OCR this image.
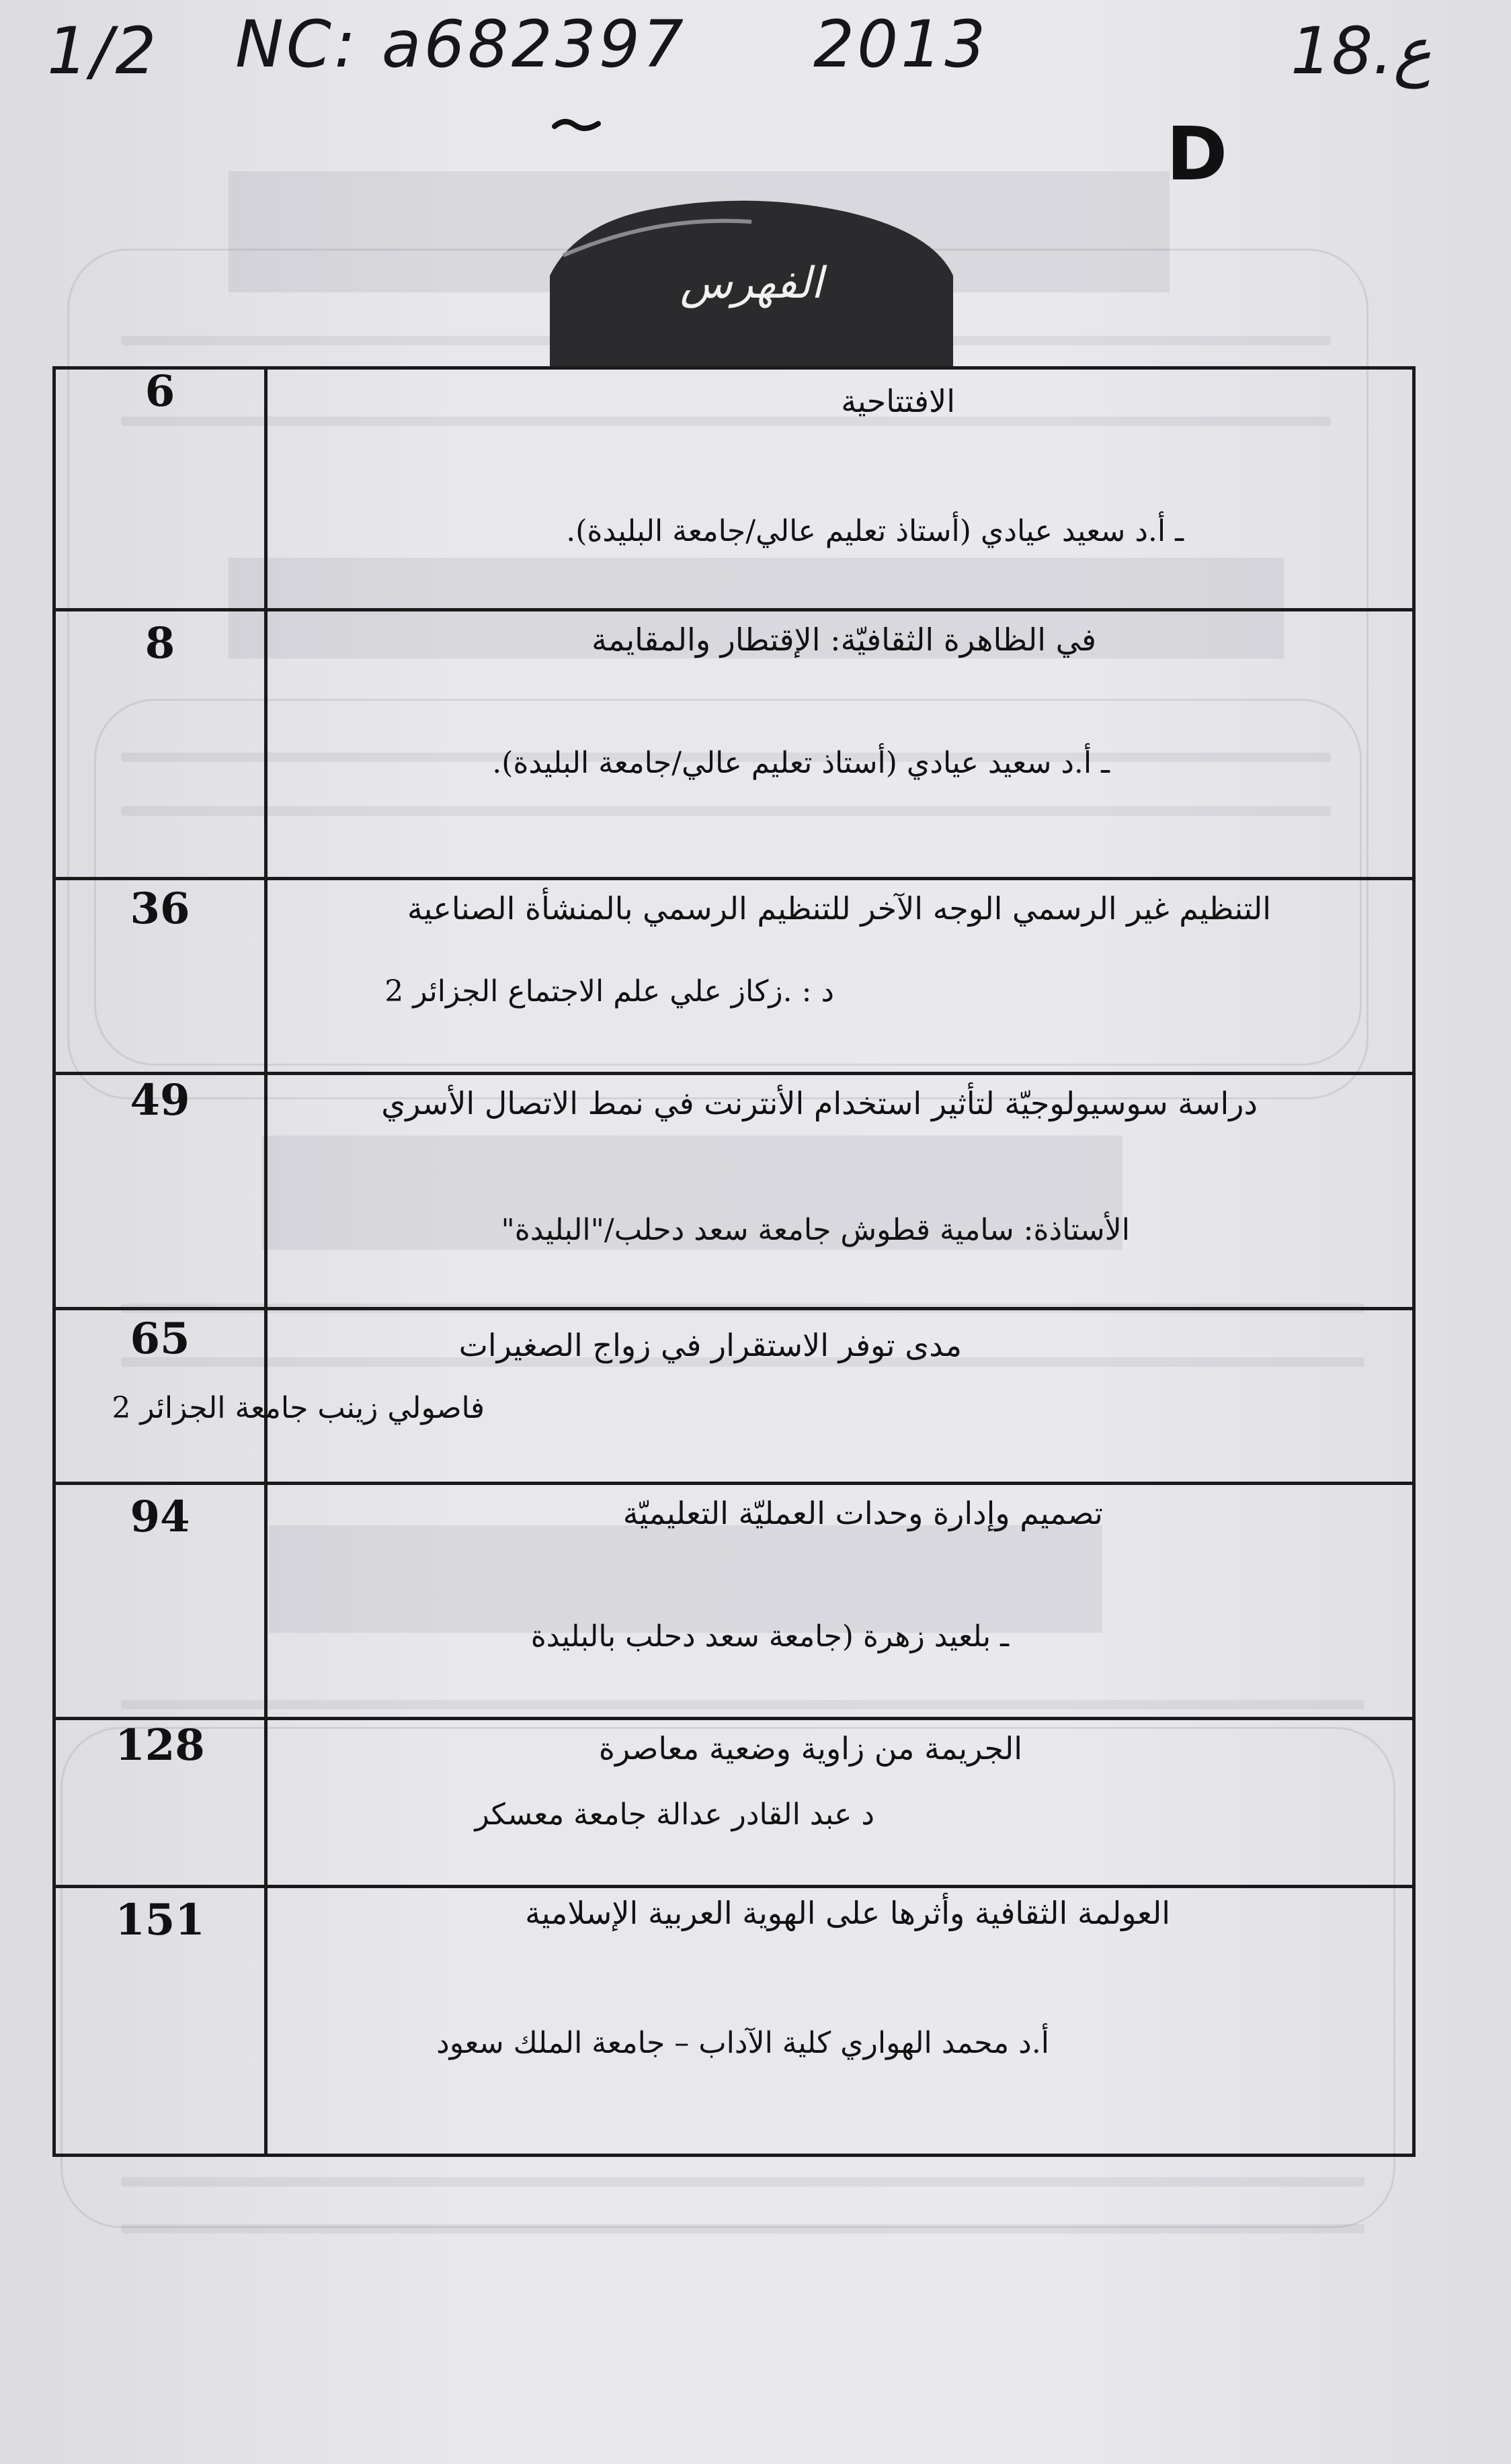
1/2 NC: a682397 2013	18.ع
D
الفهرس
6	الافتتاحية
ـ أ.د سعيد عيادي (أستاذ تعليم عالي/جامعة البليدة).
8	في الظاهرة الثقافيّة: الإقتطار والمقايمة
ـ أ.د سعيد عيادي (أستاذ تعليم عالي/جامعة البليدة).
36	التنظيم غير الرسمي الوجه الآخر للتنظيم الرسمي بالمنشأة الصناعية
د : .زكاز علي علم الاجتماع الجزائر 2
49	دراسة سوسيولوجيّة لتأثير استخدام الأنترنت في نمط الاتصال الأسري
الأستاذة: سامية قطوش جامعة سعد دحلب/"البليدة"
65	مدى توفر الاستقرار في زواج الصغيرات
فاصولي زينب جامعة الجزائر 2
94	تصميم وإدارة وحدات العمليّة التعليميّة
ـ بلعيد زهرة (جامعة سعد دحلب بالبليدة
128	الجريمة من زاوية وضعية معاصرة
د عبد القادر عدالة جامعة معسكر
151	العولمة الثقافية وأثرها على الهوية العربية الإسلامية
أ.د محمد الهواري كلية الآداب – جامعة الملك سعود
